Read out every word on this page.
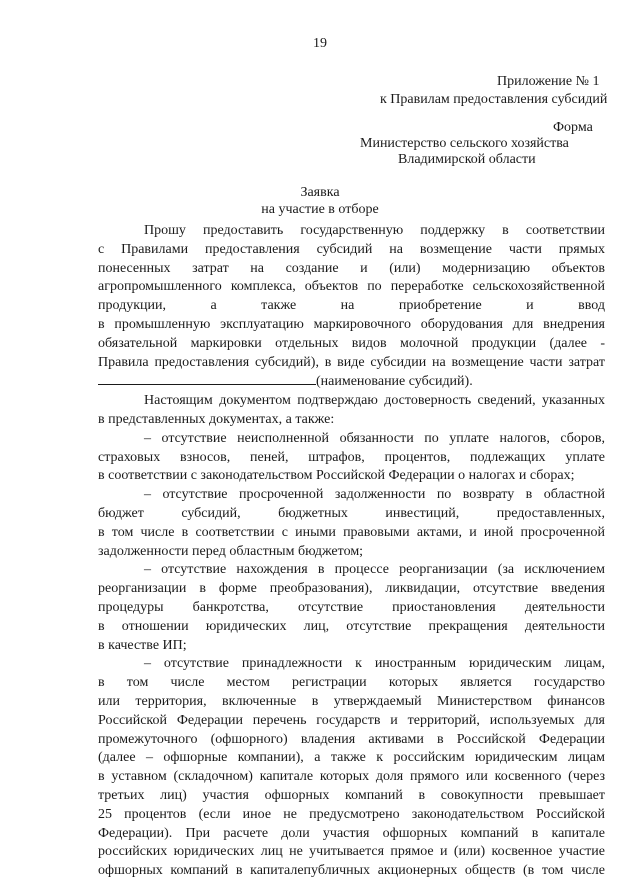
19
Приложение № 1
к Правилам предоставления субсидий
Форма
Министерство сельского хозяйства
Владимирской области
Заявка
на участие в отборе

Прошу предоставить государственную поддержку в соответствии

с Правилами предоставления субсидий на возмещение части прямых

понесенных затрат на создание и (или) модернизацию объектов

агропромышленного комплекса, объектов по переработке сельскохозяйственной

продукции, а также на приобретение и ввод

в промышленную эксплуатацию маркировочного оборудования для внедрения

обязательной маркировки отдельных видов молочной продукции (далее -

Правила предоставления субсидий), в виде субсидии на возмещение части затрат

(наименование субсидий).

Настоящим документом подтверждаю достоверность сведений, указанных

в представленных документах, а также:

– отсутствие неисполненной обязанности по уплате налогов, сборов,

страховых взносов, пеней, штрафов, процентов, подлежащих уплате

в соответствии с законодательством Российской Федерации о налогах и сборах;

– отсутствие просроченной задолженности по возврату в областной

бюджет субсидий, бюджетных инвестиций, предоставленных,

в том числе в соответствии с иными правовыми актами, и иной просроченной

задолженности перед областным бюджетом;

– отсутствие нахождения в процессе реорганизации (за исключением

реорганизации в форме преобразования), ликвидации, отсутствие введения

процедуры банкротства, отсутствие приостановления деятельности

в отношении юридических лиц, отсутствие прекращения деятельности

в качестве ИП;

– отсутствие принадлежности к иностранным юридическим лицам,

в том числе местом регистрации которых является государство

или территория, включенные в утверждаемый Министерством финансов

Российской Федерации перечень государств и территорий, используемых для

промежуточного (офшорного) владения активами в Российской Федерации

(далее – офшорные компании), а также к российским юридическим лицам

в уставном (складочном) капитале которых доля прямого или косвенного (через

третьих лиц) участия офшорных компаний в совокупности превышает

25 процентов (если иное не предусмотрено законодательством Российской

Федерации). При расчете доли участия офшорных компаний в капитале

российских юридических лиц не учитывается прямое и (или) косвенное участие

офшорных компаний в капиталепубличных акционерных обществ (в том числе
